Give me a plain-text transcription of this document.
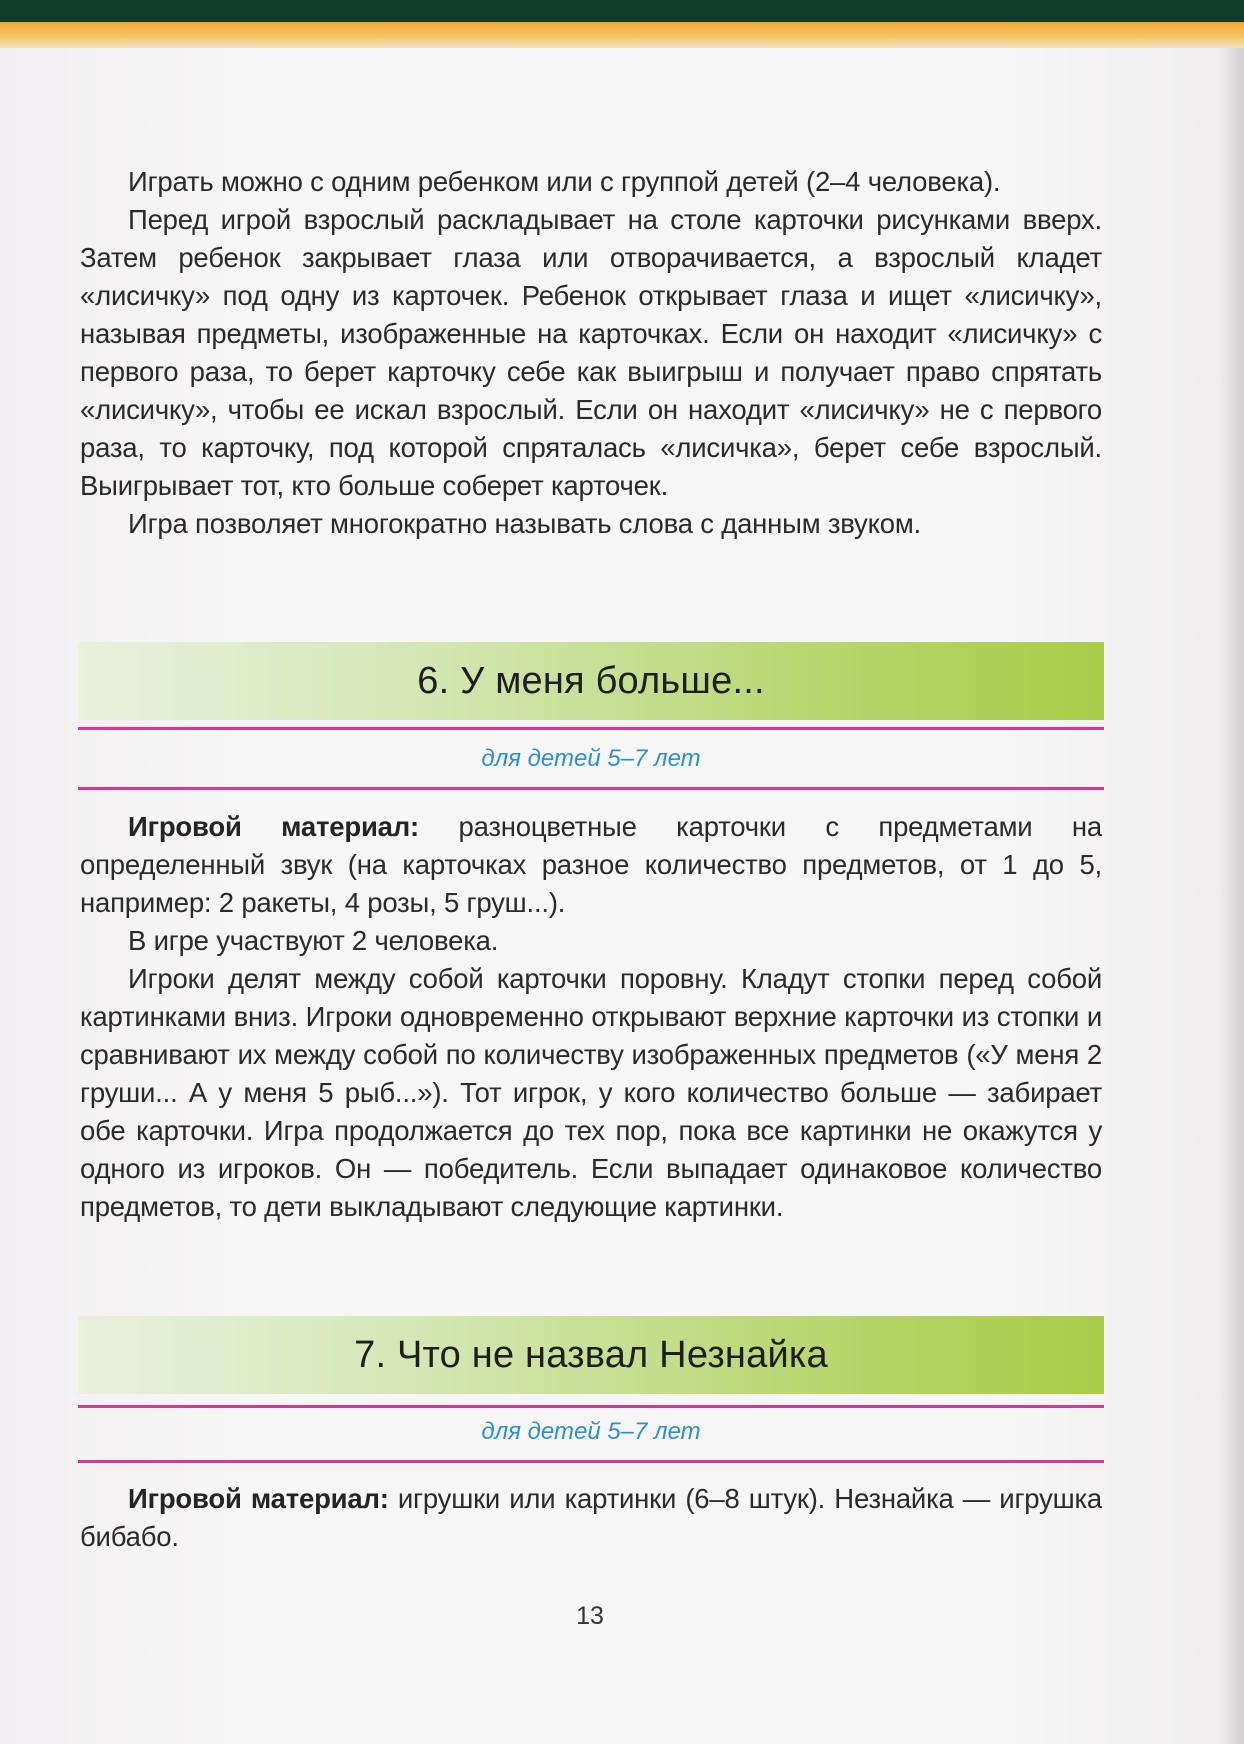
Играть можно с одним ребенком или с группой детей (2–4 человека).

Перед игрой взрослый раскладывает на столе карточки рисунками вверх. Затем ребенок закрывает глаза или отворачивается, а взрослый кладет «лисичку» под одну из карточек. Ребенок открывает глаза и ищет «лисичку», называя предметы, изображенные на карточках. Если он находит «лисичку» с первого раза, то берет карточку себе как выигрыш и получает право спрятать «лисичку», чтобы ее искал взрослый. Если он находит «лисичку» не с первого раза, то карточку, под которой спряталась «лисичка», берет себе взрослый. Выигрывает тот, кто больше соберет карточек.

Игра позволяет многократно называть слова с данным звуком.

6. У меня больше...

для детей 5–7 лет

Игровой материал: разноцветные карточки с предметами на определенный звук (на карточках разное количество предметов, от 1 до 5, например: 2 ракеты, 4 розы, 5 груш...).

В игре участвуют 2 человека.

Игроки делят между собой карточки поровну. Кладут стопки перед собой картинками вниз. Игроки одновременно открывают верхние карточки из стопки и сравнивают их между собой по количеству изображенных предметов («У меня 2 груши... А у меня 5 рыб...»). Тот игрок, у кого количество больше — забирает обе карточки. Игра продолжается до тех пор, пока все картинки не окажутся у одного из игроков. Он — победитель. Если выпадает одинаковое количество предметов, то дети выкладывают следующие картинки.

7. Что не назвал Незнайка

для детей 5–7 лет

Игровой материал: игрушки или картинки (6–8 штук). Незнайка — игрушка бибабо.

13
